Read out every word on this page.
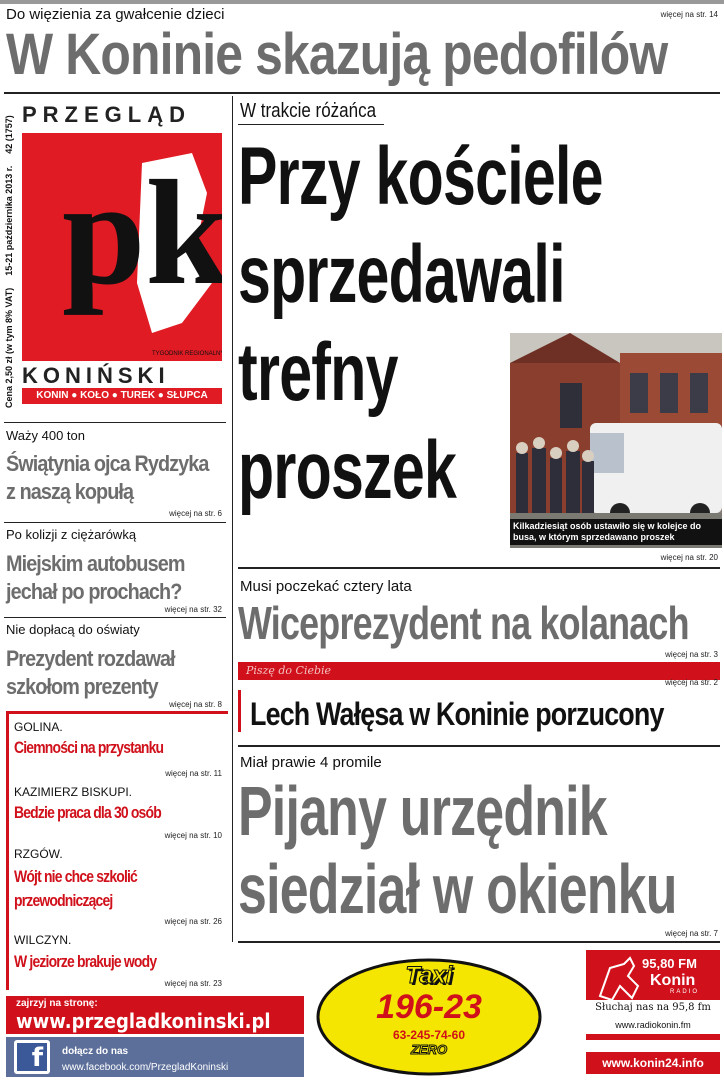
Do więzienia za gwałcenie dzieci	więcej na str. 14
W Koninie skazują pedofilów
Cena 2,50 zł (w tym 8% VAT)
15-21 października 2013 r.
42 (1757)
PRZEGLĄD
pk
TYGODNIK REGIONALNY
KONIŃSKI
KONIN ● KOŁO ● TUREK ● SŁUPCA
Waży 400 ton
Świątynia ojca Rydzyka z naszą kopułą
więcej na str. 6
Po kolizji z ciężarówką
Miejskim autobusem jechał po prochach?
więcej na str. 32
Nie dopłacą do oświaty
Prezydent rozdawał szkołom prezenty
więcej na str. 8
GOLINA.
Ciemności na przystanku
więcej na str. 11
KAZIMIERZ BISKUPI.
Bedzie praca dla 30 osób
więcej na str. 10
RZGÓW.
Wójt nie chce szkolić przewodniczącej
więcej na str. 26
WILCZYN.
W jeziorze brakuje wody
więcej na str. 23
W trakcie różańca
Przy kościele
sprzedawali
trefny
proszek
Kilkadziesiąt osób ustawiło się w kolejce do busa, w którym sprzedawano proszek
więcej na str. 20
Musi poczekać cztery lata
Wiceprezydent na kolanach
więcej na str. 3
Piszę do Ciebie
więcej na str. 2
Lech Wałęsa w Koninie porzucony
Miał prawie 4 promile
Pijany urzędnik
siedział w okienku
więcej na str. 7
zajrzyj na stronę:
www.przegladkoninski.pl
f	dołącz do nas
www.facebook.com/PrzegladKoninski
Taxi
196-23
63-245-74-60
ZERO
95,80 FM
Konin
RADIO
Słuchaj nas na 95,8 fm
www.radiokonin.fm
www.konin24.info
